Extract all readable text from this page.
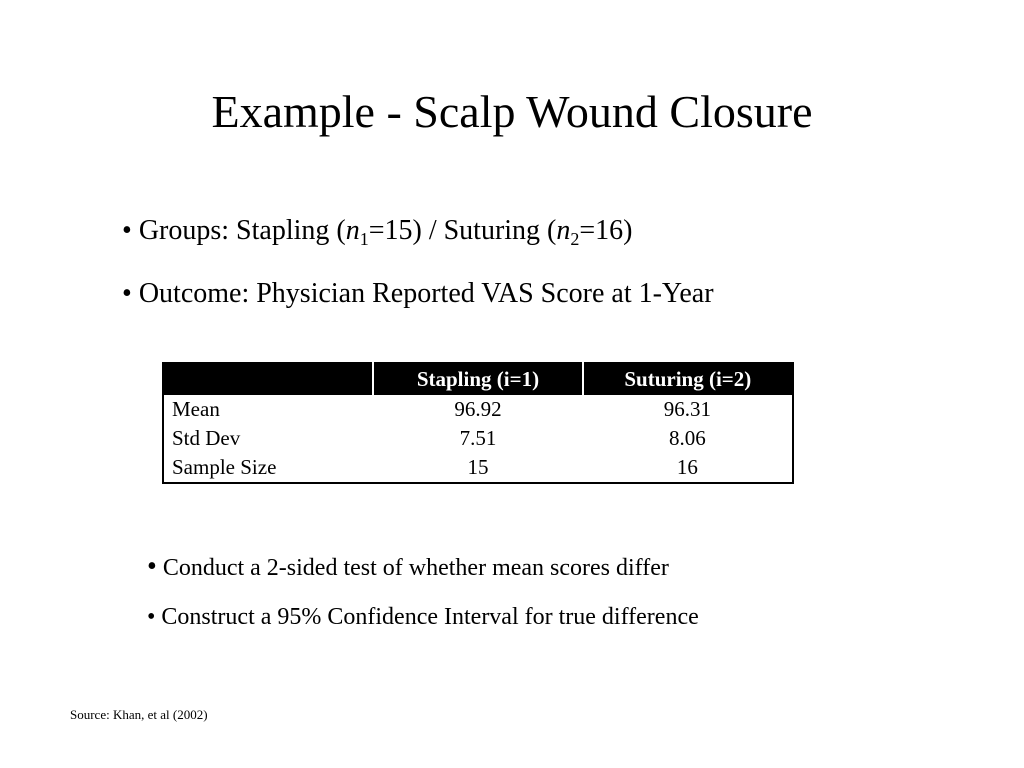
Example - Scalp Wound Closure
• Groups: Stapling $(n_1=15)$ / Suturing $(n_2=16)$
• Outcome: Physician Reported VAS Score at 1-Year
	Stapling (i=1)	Suturing (i=2)
Mean	96.92	96.31
Std Dev	7.51	8.06
Sample Size	15	16
• Conduct a 2-sided test of whether mean scores differ
• Construct a 95% Confidence Interval for true difference
Source: Khan, et al (2002)
